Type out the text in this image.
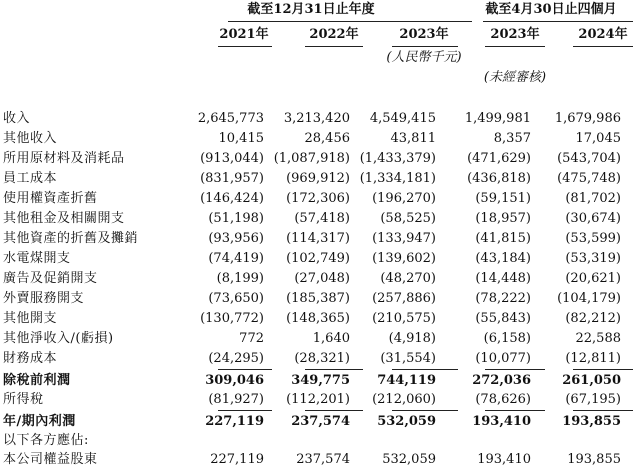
截至12月31日止年度	截至4月30日止四個月
2021年	2022年	2023年	2023年	2024年
(人民幣千元)
(未經審核)
收入	2,645,773	3,213,420	4,549,415	1,499,981	1,679,986
其他收入	10,415	28,456	43,811	8,357	17,045
所用原材料及消耗品	(913,044) (1,087,918) (1,433,379)	(471,629)	(543,704)
員工成本	(831,957)	(969,912) (1,334,181)	(436,818)	(475,748)
使用權資產折舊	(146,424)	(172,306)	(196,270)	(59,151)	(81,702)
其他租金及相關開支	(51,198)	(57,418)	(58,525)	(18,957)	(30,674)
其他資產的折舊及攤銷	(93,956)	(114,317)	(133,947)	(41,815)	(53,599)
水電煤開支	(74,419)	(102,749)	(139,602)	(43,184)	(53,319)
廣告及促銷開支	(8,199)	(27,048)	(48,270)	(14,448)	(20,621)
外賣服務開支	(73,650)	(185,387)	(257,886)	(78,222)	(104,179)
其他開支	(130,772)	(148,365)	(210,575)	(55,843)	(82,212)
其他淨收入/(虧損)	772	1,640	(4,918)	(6,158)	22,588
財務成本	(24,295)	(28,321)	(31,554)	(10,077)	(12,811)
除稅前利潤	309,046	349,775	744,119	272,036	261,050
所得稅	(81,927)	(112,201)	(212,060)	(78,626)	(67,195)
年/期內利潤	227,119	237,574	532,059	193,410	193,855
以下各方應佔:
本公司權益股東	227,119	237,574	532,059	193,410	193,855
